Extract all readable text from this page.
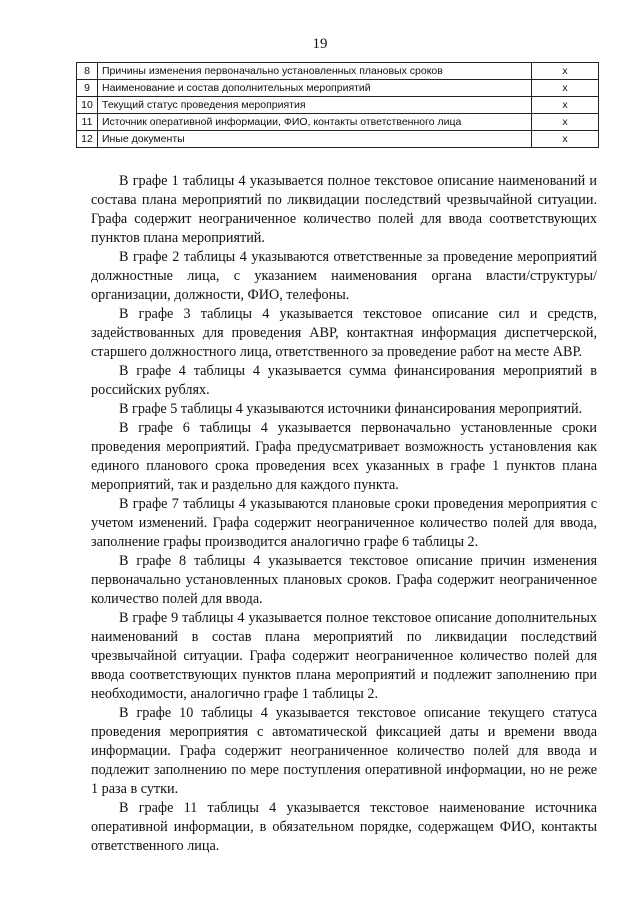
19
8	Причины изменения первоначально установленных плановых сроков	х
9	Наименование и состав дополнительных мероприятий	х
10	Текущий статус проведения мероприятия	х
11	Источник оперативной информации, ФИО, контакты ответственного лица	х
12	Иные документы	х

В графе 1 таблицы 4 указывается полное текстовое описание наименований и состава плана мероприятий по ликвидации последствий чрезвычайной ситуации. Графа содержит неограниченное количество полей для ввода соответствующих пунктов плана мероприятий.

В графе 2 таблицы 4 указываются ответственные за проведение мероприятий должностные лица, с указанием наименования органа власти/структуры/организации, должности, ФИО, телефоны.

В графе 3 таблицы 4 указывается текстовое описание сил и средств, задействованных для проведения АВР, контактная информация диспетчерской, старшего должностного лица, ответственного за проведение работ на месте АВР.

В графе 4 таблицы 4 указывается сумма финансирования мероприятий в российских рублях.

В графе 5 таблицы 4 указываются источники финансирования мероприятий.

В графе 6 таблицы 4 указывается первоначально установленные сроки проведения мероприятий. Графа предусматривает возможность установления как единого планового срока проведения всех указанных в графе 1 пунктов плана мероприятий, так и раздельно для каждого пункта.

В графе 7 таблицы 4 указываются плановые сроки проведения мероприятия с учетом изменений. Графа содержит неограниченное количество полей для ввода, заполнение графы производится аналогично графе 6 таблицы 2.

В графе 8 таблицы 4 указывается текстовое описание причин изменения первоначально установленных плановых сроков. Графа содержит неограниченное количество полей для ввода.

В графе 9 таблицы 4 указывается полное текстовое описание дополнительных наименований в состав плана мероприятий по ликвидации последствий чрезвычайной ситуации. Графа содержит неограниченное количество полей для ввода соответствующих пунктов плана мероприятий и подлежит заполнению при необходимости, аналогично графе 1 таблицы 2.

В графе 10 таблицы 4 указывается текстовое описание текущего статуса проведения мероприятия с автоматической фиксацией даты и времени ввода информации. Графа содержит неограниченное количество полей для ввода и подлежит заполнению по мере поступления оперативной информации, но не реже 1 раза в сутки.

В графе 11 таблицы 4 указывается текстовое наименование источника оперативной информации, в обязательном порядке, содержащем ФИО, контакты ответственного лица.
